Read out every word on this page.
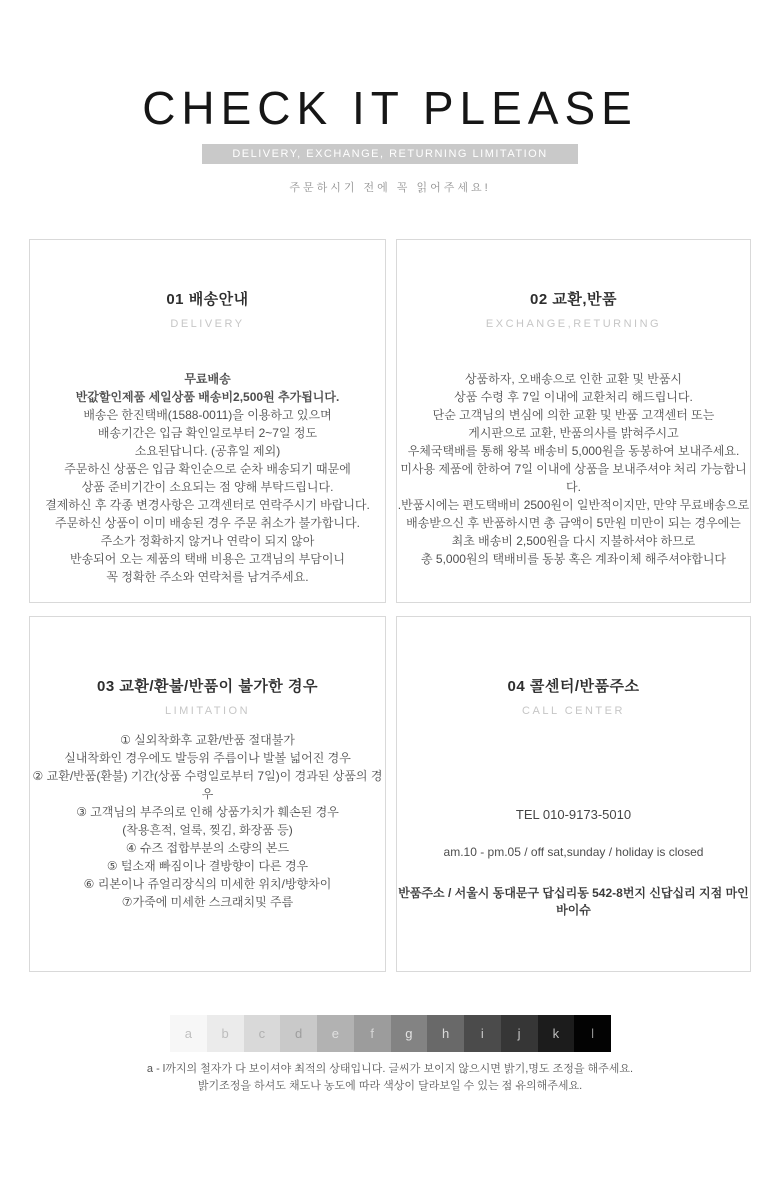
CHECK IT PLEASE
DELIVERY, EXCHANGE, RETURNING LIMITATION
주문하시기 전에 꼭 읽어주세요!
01 배송안내
DELIVERY
무료배송
반값할인제품 세일상품 배송비2,500원 추가됩니다.
배송은 한진택배(1588-0011)을 이용하고 있으며
배송기간은 입금 확인일로부터 2~7일 정도
소요된답니다. (공휴일 제외)
주문하신 상품은 입금 확인순으로 순차 배송되기 때문에
상품 준비기간이 소요되는 점 양해 부탁드립니다.
결제하신 후 각종 변경사항은 고객센터로 연락주시기 바랍니다.
주문하신 상품이 이미 배송된 경우 주문 취소가 불가합니다.
주소가 정확하지 않거나 연락이 되지 않아
반송되어 오는 제품의 택배 비용은 고객님의 부담이니
꼭 정확한 주소와 연락처를 남겨주세요.
02 교환,반품
EXCHANGE,RETURNING
상품하자, 오배송으로 인한 교환 및 반품시
상품 수령 후 7일 이내에 교환처리 해드립니다.
단순 고객님의 변심에 의한 교환 및 반품 고객센터 또는
게시판으로 교환, 반품의사를 밝혀주시고
우체국택배를 통해 왕복 배송비 5,000원을 동봉하여 보내주세요.
미사용 제품에 한하여 7일 이내에 상품을 보내주셔야 처리 가능합니다.
.반품시에는 편도택배비 2500원이 일반적이지만, 만약 무료배송으로
배송받으신 후 반품하시면 총 금액이 5만원 미만이 되는 경우에는
최초 배송비 2,500원을 다시 지불하셔야 하므로
총 5,000원의 택배비를 동봉 혹은 계좌이체 해주셔야합니다
03 교환/환불/반품이 불가한 경우
LIMITATION
① 실외착화후 교환/반품 절대불가
실내착화인 경우에도 발등위 주름이나 발볼 넓어진 경우
② 교환/반품(환불) 기간(상품 수령일로부터 7일)이 경과된 상품의 경우
③ 고객님의 부주의로 인해 상품가치가 훼손된 경우
(착용흔적, 얼룩, 찢김, 화장품 등)
④ 슈즈 접합부분의 소량의 본드
⑤ 털소재 빠짐이나 결방향이 다른 경우
⑥ 리본이나 쥬얼리장식의 미세한 위치/방향차이
⑦가죽에 미세한 스크래치및 주름
04 콜센터/반품주소
CALL CENTER
TEL 010-9173-5010
am.10 - pm.05 / off sat,sunday / holiday is closed
반품주소 / 서울시 동대문구 답십리동 542-8번지 신답십리 지점 마인바이슈
a	b	c	d	e	f	g	h	i	j	k	l
a - l까지의 철자가 다 보이셔야 최적의 상태입니다. 글씨가 보이지 않으시면 밝기,명도 조정을 해주세요.
밝기조정을 하셔도 채도나 농도에 따라 색상이 달라보일 수 있는 점 유의해주세요.
